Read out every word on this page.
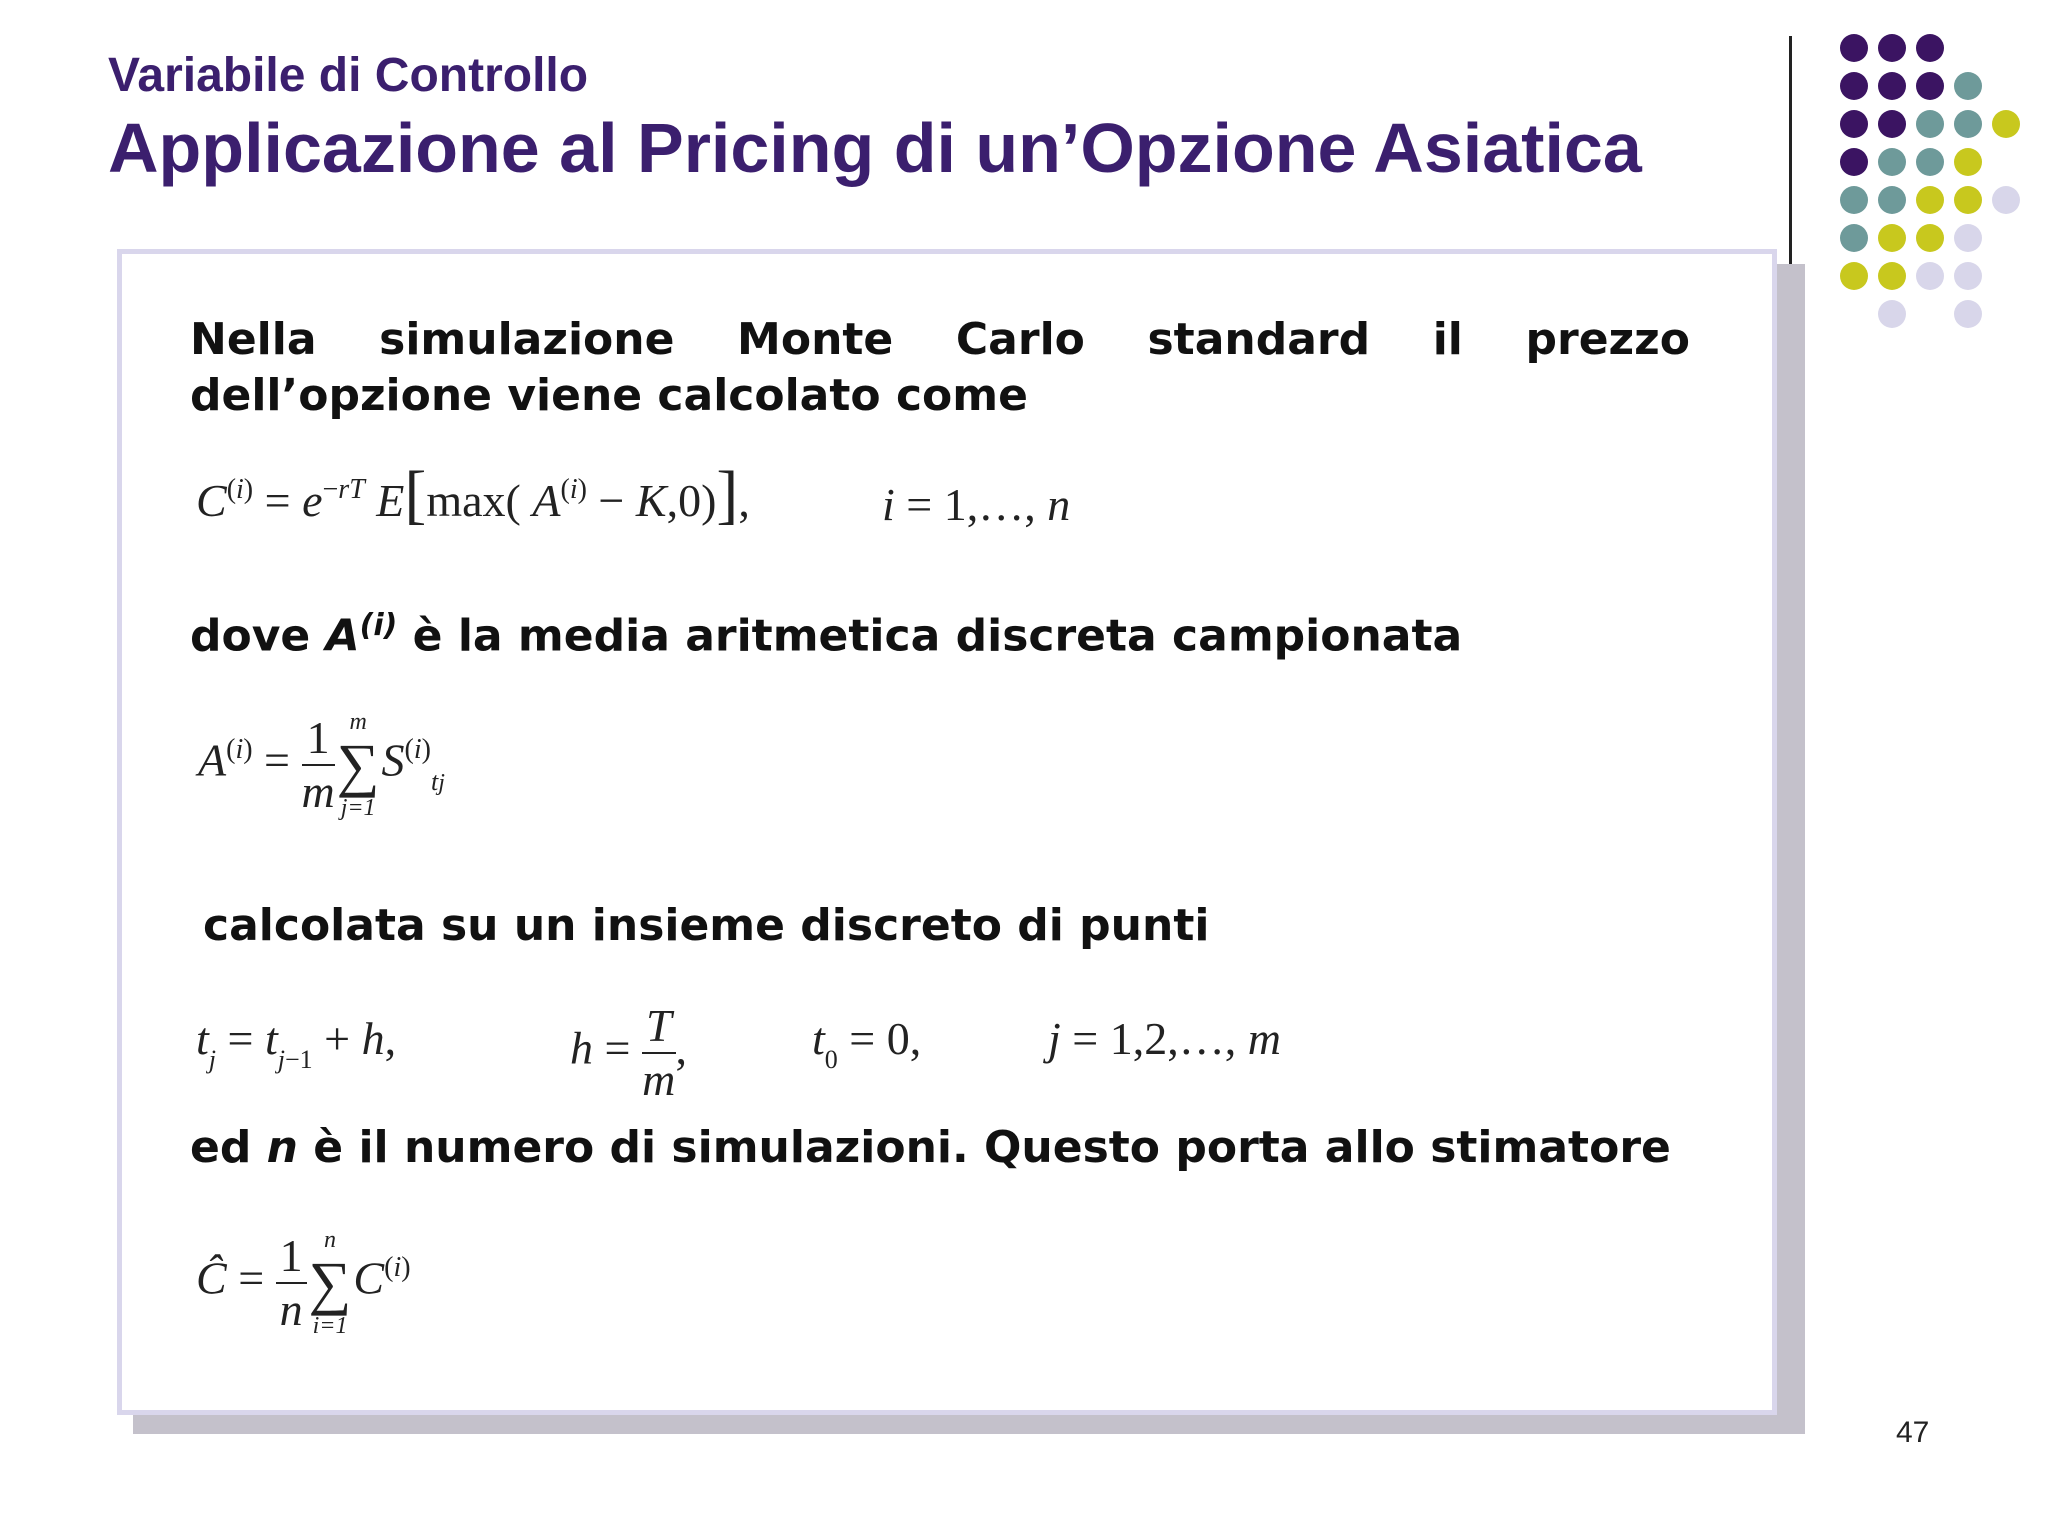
Variabile di Controllo
Applicazione al Pricing di un’Opzione Asiatica
Nella simulazione Monte Carlo standard il prezzo dell’opzione viene calcolato come
$C^{(i)} = e^{-rT}$ E[max( $A^{(i)} - K,0$)],	i = 1,…, n
dove $A^{(i)}$ è la media aritmetica discreta campionata
$A^{(i)} = \frac{1}{m}$ m
∑
j=1
$S^{(i)}_{tj}$
calcolata su un insieme discreto di punti
$t_j = t_{j-1} + h$,	$h = \frac{T}{m}$ ,	$t_0 = 0$,	j = 1,2,…, m
ed n è il numero di simulazioni. Questo porta allo stimatore
Ĉ = $\frac{1}{n}$ n
∑
i=1
$C^{(i)}$
47
